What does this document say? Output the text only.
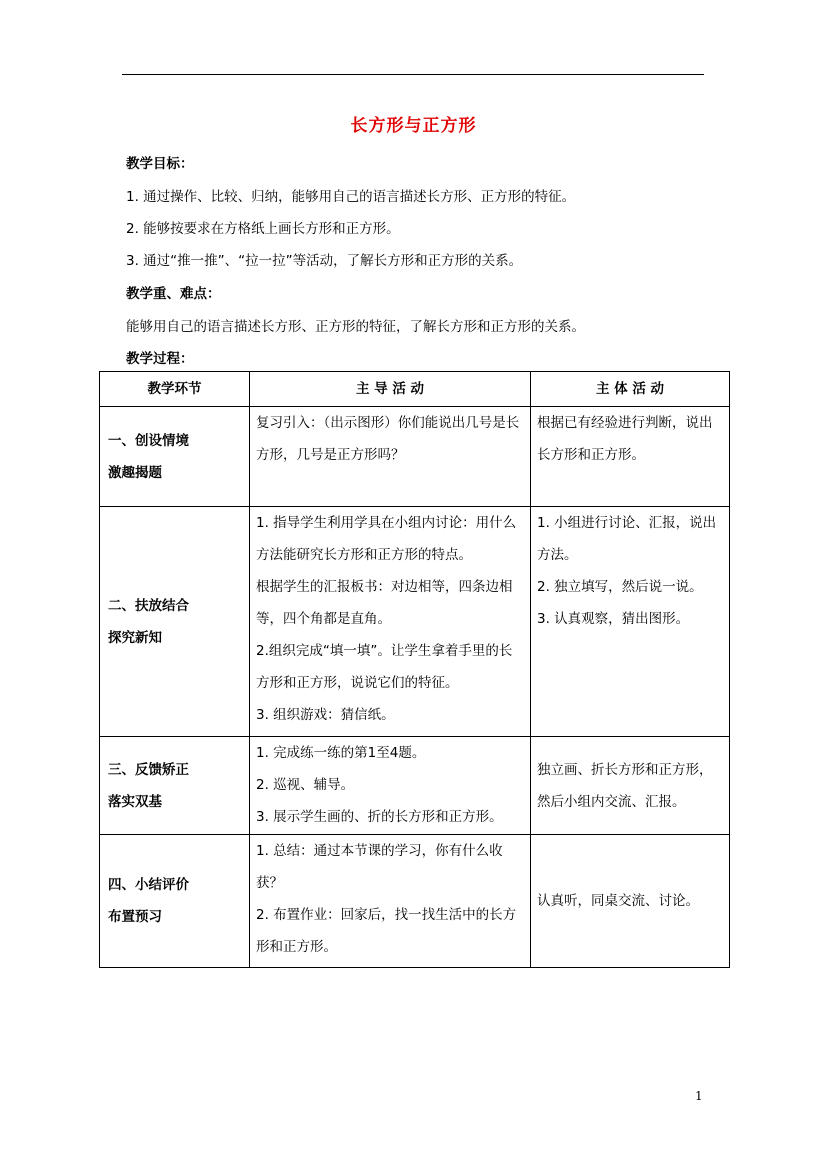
长方形与正方形
教学目标：
1. 通过操作、比较、归纳，能够用自己的语言描述长方形、正方形的特征。
2. 能够按要求在方格纸上画长方形和正方形。
3. 通过“推一推”、“拉一拉”等活动，了解长方形和正方形的关系。
教学重、难点：
能够用自己的语言描述长方形、正方形的特征，了解长方形和正方形的关系。
教学过程：
教学环节	主 导 活 动	主 体 活 动

一、创设情境
激趣揭题	复习引入：（出示图形）你们能说出几号是长方形，几号是正方形吗？	根据已有经验进行判断，说出长方形和正方形。

二、扶放结合
探究新知	1. 指导学生利用学具在小组内讨论：用什么方法能研究长方形和正方形的特点。
根据学生的汇报板书：对边相等，四条边相等，四个角都是直角。
2.组织完成“填一填”。让学生拿着手里的长方形和正方形，说说它们的特征。
3. 组织游戏：猜信纸。	1. 小组进行讨论、汇报，说出方法。
2. 独立填写，然后说一说。
3. 认真观察，猜出图形。

三、反馈矫正
落实双基	1. 完成练一练的第1至4题。
2. 巡视、辅导。
3. 展示学生画的、折的长方形和正方形。	独立画、折长方形和正方形，然后小组内交流、汇报。

四、小结评价
布置预习	1. 总结：通过本节课的学习，你有什么收获？
2. 布置作业：回家后，找一找生活中的长方形和正方形。	认真听，同桌交流、讨论。
1
